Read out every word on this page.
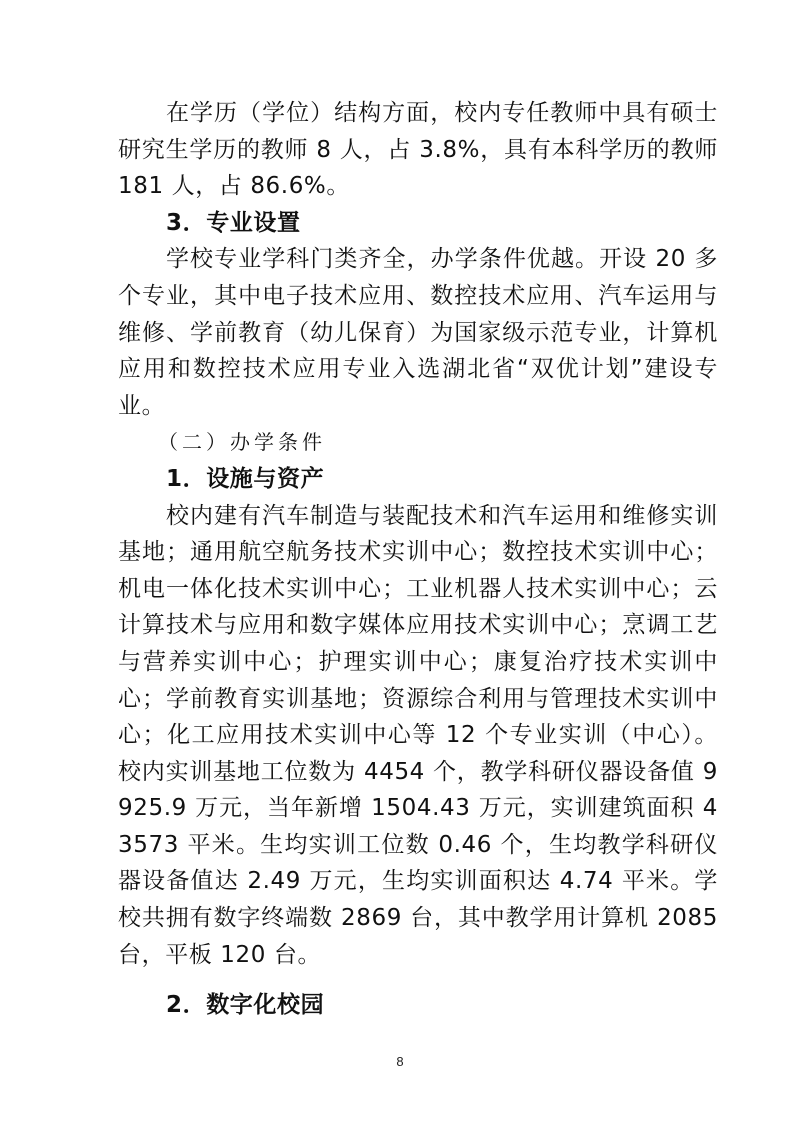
在学历（学位）结构方面，校内专任教师中具有硕士研究生学历的教师 8 人，占 3.8%，具有本科学历的教师 181 人，占 86.6%。

3．专业设置

学校专业学科门类齐全，办学条件优越。开设 20 多个专业，其中电子技术应用、数控技术应用、汽车运用与维修、学前教育（幼儿保育）为国家级示范专业，计算机应用和数控技术应用专业入选湖北省“双优计划”建设专业。

（二）办学条件

1．设施与资产

校内建有汽车制造与装配技术和汽车运用和维修实训基地；通用航空航务技术实训中心；数控技术实训中心；机电一体化技术实训中心；工业机器人技术实训中心；云计算技术与应用和数字媒体应用技术实训中心；烹调工艺与营养实训中心；护理实训中心；康复治疗技术实训中心；学前教育实训基地；资源综合利用与管理技术实训中心；化工应用技术实训中心等 12 个专业实训（中心）。校内实训基地工位数为 4454 个，教学科研仪器设备值 9925.9 万元，当年新增 1504.43 万元，实训建筑面积 43573 平米。生均实训工位数 0.46 个，生均教学科研仪器设备值达 2.49 万元，生均实训面积达 4.74 平米。学校共拥有数字终端数 2869 台，其中教学用计算机 2085 台，平板 120 台。

2．数字化校园

8
